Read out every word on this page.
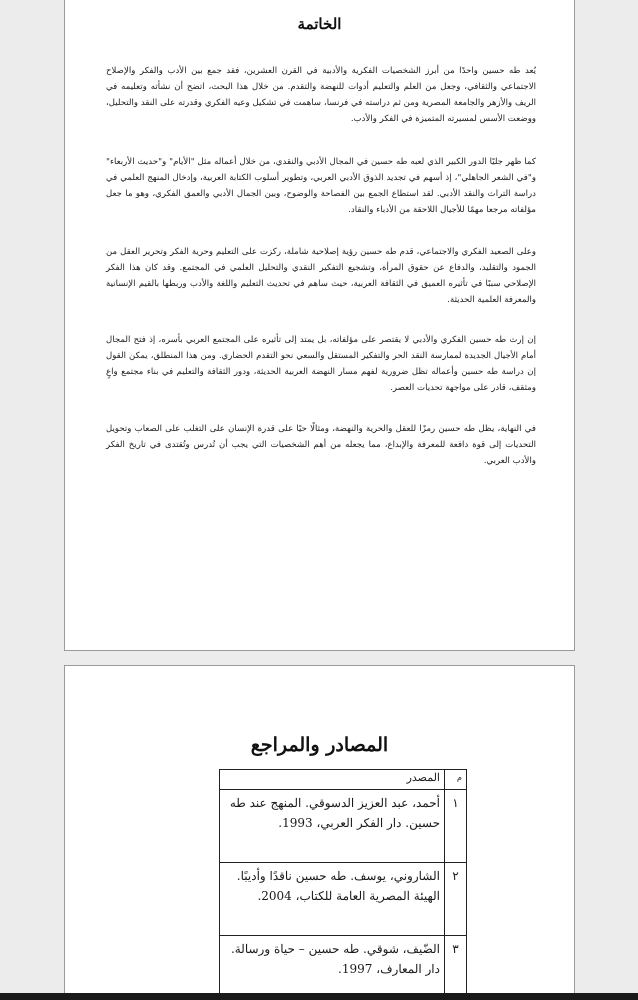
الخاتمة

يُعد طه حسين واحدًا من أبرز الشخصيات الفكرية والأدبية في القرن العشرين، فقد جمع بين الأدب والفكر والإصلاح الاجتماعي والثقافي، وجعل من العلم والتعليم أدوات للنهضة والتقدم. من خلال هذا البحث، اتضح أن نشأته وتعليمه في الريف والأزهر والجامعة المصرية ومن ثم دراسته في فرنسا، ساهمت في تشكيل وعيه الفكري وقدرته على النقد والتحليل، ووضعت الأسس لمسيرته المتميزة في الفكر والأدب.

كما ظهر جليًا الدور الكبير الذي لعبه طه حسين في المجال الأدبي والنقدي، من خلال أعماله مثل "الأيام" و"حديث الأربعاء" و"في الشعر الجاهلي"، إذ أسهم في تجديد الذوق الأدبي العربي، وتطوير أسلوب الكتابة العربية، وإدخال المنهج العلمي في دراسة التراث والنقد الأدبي. لقد استطاع الجمع بين الفصاحة والوضوح، وبين الجمال الأدبي والعمق الفكري، وهو ما جعل مؤلفاته مرجعا مهمًا للأجيال اللاحقة من الأدباء والنقاد.

وعلى الصعيد الفكري والاجتماعي، قدم طه حسين رؤية إصلاحية شاملة، ركزت على التعليم وحرية الفكر وتحرير العقل من الجمود والتقليد، والدفاع عن حقوق المرأة، وتشجيع التفكير النقدي والتحليل العلمي في المجتمع. وقد كان هذا الفكر الإصلاحي سببًا في تأثيره العميق في الثقافة العربية، حيث ساهم في تحديث التعليم واللغة والأدب وربطها بالقيم الإنسانية والمعرفة العلمية الحديثة.

إن إرث طه حسين الفكري والأدبي لا يقتصر على مؤلفاته، بل يمتد إلى تأثيره على المجتمع العربي بأسره، إذ فتح المجال أمام الأجيال الجديدة لممارسة النقد الحر والتفكير المستقل والسعي نحو التقدم الحضاري. ومن هذا المنطلق، يمكن القول إن دراسة طه حسين وأعماله تظل ضرورية لفهم مسار النهضة العربية الحديثة، ودور الثقافة والتعليم في بناء مجتمع واعٍ ومثقف، قادر على مواجهة تحديات العصر.

في النهاية، يظل طه حسين رمزًا للعقل والحرية والنهضة، ومثالًا حيًا على قدرة الإنسان على التغلب على الصعاب وتحويل التحديات إلى قوة دافعة للمعرفة والإبداع، مما يجعله من أهم الشخصيات التي يجب أن تُدرس وتُقتدى في تاريخ الفكر والأدب العربي.

المصادر والمراجع
م	المصدر
١	أحمد، عبد العزيز الدسوقي. المنهج عند طه حسين. دار الفكر العربي، 1993.
٢	الشاروني، يوسف. طه حسين ناقدًا وأديبًا. الهيئة المصرية العامة للكتاب، 2004.
٣	الضّيف، شوقي. طه حسين – حياة ورسالة. دار المعارف، 1997.
